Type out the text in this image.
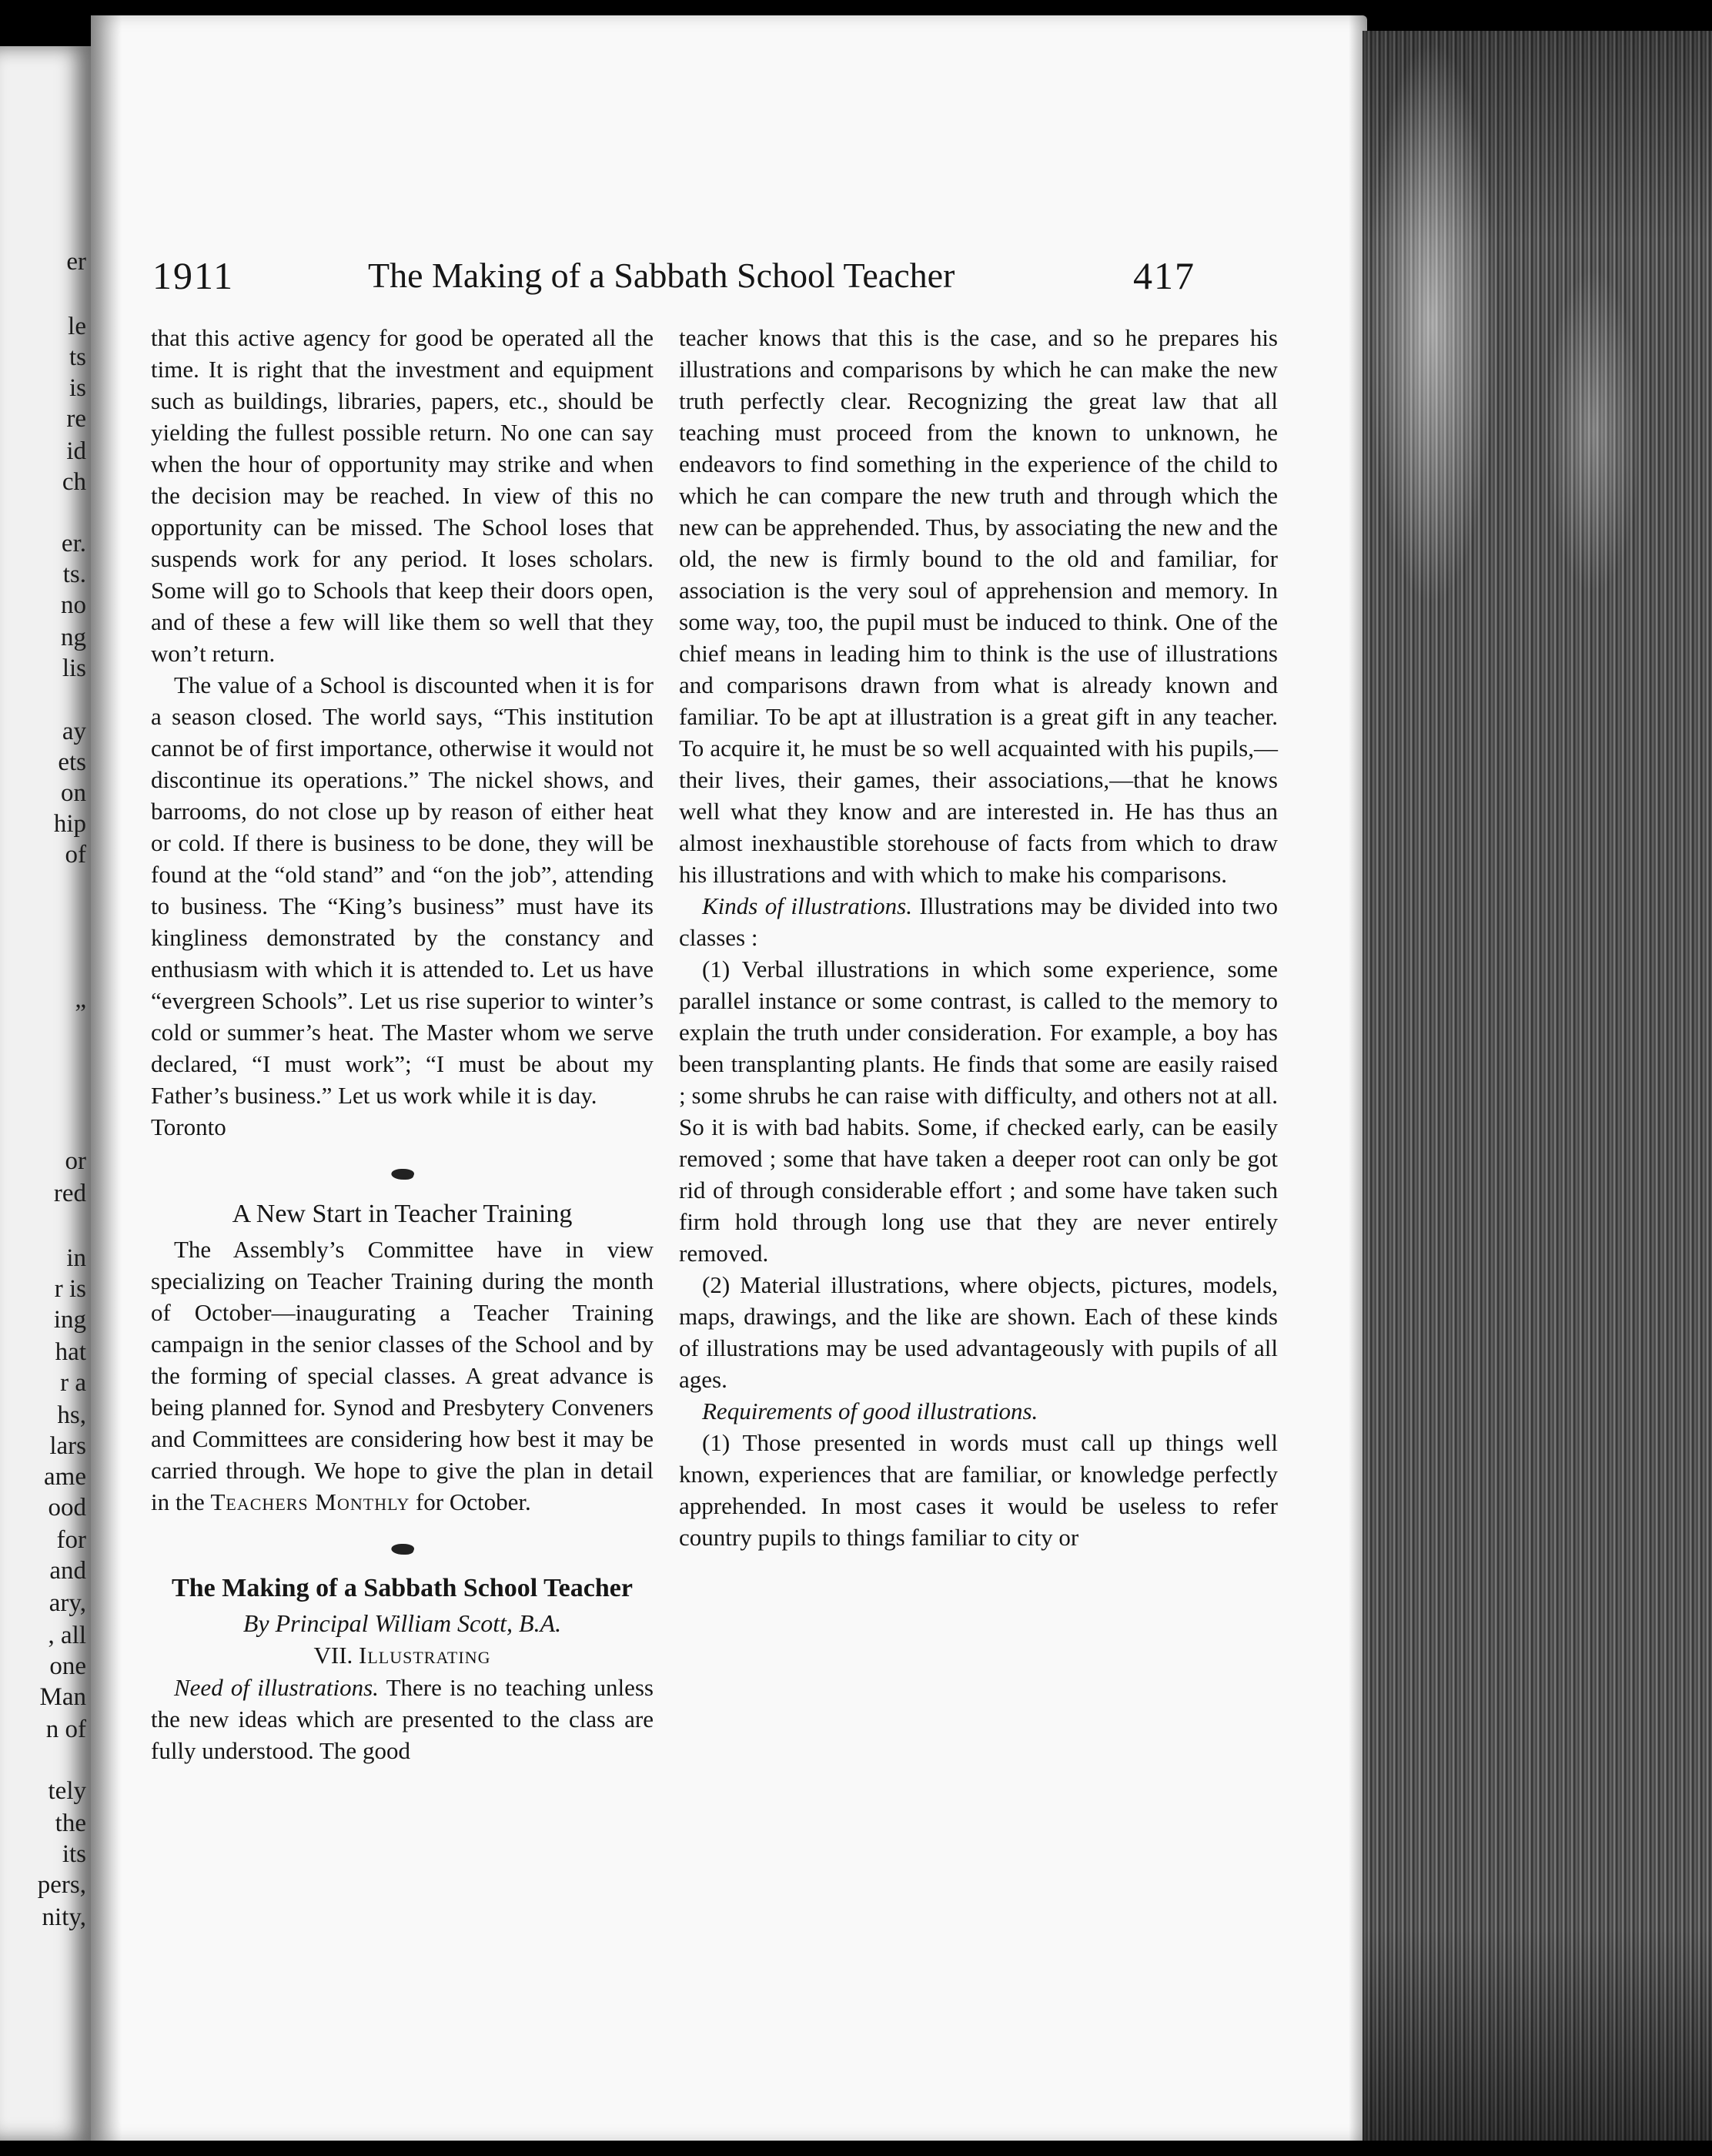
er
le
ts
is
re
id
ch
er.
ts.
no
ng
lis
ay
ets
on
hip
of
”
or
red
in
r is
ing
hat
r a
hs,
lars
ame
ood
for
and
ary,
, all
one
Man
n of
tely
the
its
pers,
nity,
1911	The Making of a Sabbath School Teacher	417

that this active agency for good be operated all the time. It is right that the investment and equipment such as buildings, libraries, papers, etc., should be yielding the fullest possible return. No one can say when the hour of opportunity may strike and when the decision may be reached. In view of this no opportunity can be missed. The School loses that suspends work for any period. It loses scholars. Some will go to Schools that keep their doors open, and of these a few will like them so well that they won’t return.

The value of a School is discounted when it is for a season closed. The world says, “This institution cannot be of first importance, otherwise it would not discontinue its operations.” The nickel shows, and barrooms, do not close up by reason of either heat or cold. If there is business to be done, they will be found at the “old stand” and “on the job”, attending to business. The “King’s business” must have its kingliness demonstrated by the constancy and enthusiasm with which it is attended to. Let us have “evergreen Schools”. Let us rise superior to winter’s cold or summer’s heat. The Master whom we serve declared, “I must work”; “I must be about my Father’s business.” Let us work while it is day.

Toronto

A New Start in Teacher Training

The Assembly’s Committee have in view specializing on Teacher Training during the month of October—inaugurating a Teacher Training campaign in the senior classes of the School and by the forming of special classes. A great advance is being planned for. Synod and Presbytery Conveners and Committees are considering how best it may be carried through. We hope to give the plan in detail in the Teachers Monthly for October.

The Making of a Sabbath School Teacher

By Principal William Scott, B.A.

VII. Illustrating

Need of illustrations. There is no teaching unless the new ideas which are presented to the class are fully understood. The good

teacher knows that this is the case, and so he prepares his illustrations and comparisons by which he can make the new truth perfectly clear. Recognizing the great law that all teaching must proceed from the known to unknown, he endeavors to find something in the experience of the child to which he can compare the new truth and through which the new can be apprehended. Thus, by associating the new and the old, the new is firmly bound to the old and familiar, for association is the very soul of apprehension and memory. In some way, too, the pupil must be induced to think. One of the chief means in leading him to think is the use of illustrations and comparisons drawn from what is already known and familiar. To be apt at illustration is a great gift in any teacher. To acquire it, he must be so well acquainted with his pupils,—their lives, their games, their associations,—that he knows well what they know and are interested in. He has thus an almost inexhaustible storehouse of facts from which to draw his illustrations and with which to make his comparisons.

Kinds of illustrations. Illustrations may be divided into two classes :

(1) Verbal illustrations in which some experience, some parallel instance or some contrast, is called to the memory to explain the truth under consideration. For example, a boy has been transplanting plants. He finds that some are easily raised ; some shrubs he can raise with difficulty, and others not at all. So it is with bad habits. Some, if checked early, can be easily removed ; some that have taken a deeper root can only be got rid of through considerable effort ; and some have taken such firm hold through long use that they are never entirely removed.

(2) Material illustrations, where objects, pictures, models, maps, drawings, and the like are shown. Each of these kinds of illustrations may be used advantageously with pupils of all ages.

Requirements of good illustrations.

(1) Those presented in words must call up things well known, experiences that are familiar, or knowledge perfectly apprehended. In most cases it would be useless to refer country pupils to things familiar to city or
